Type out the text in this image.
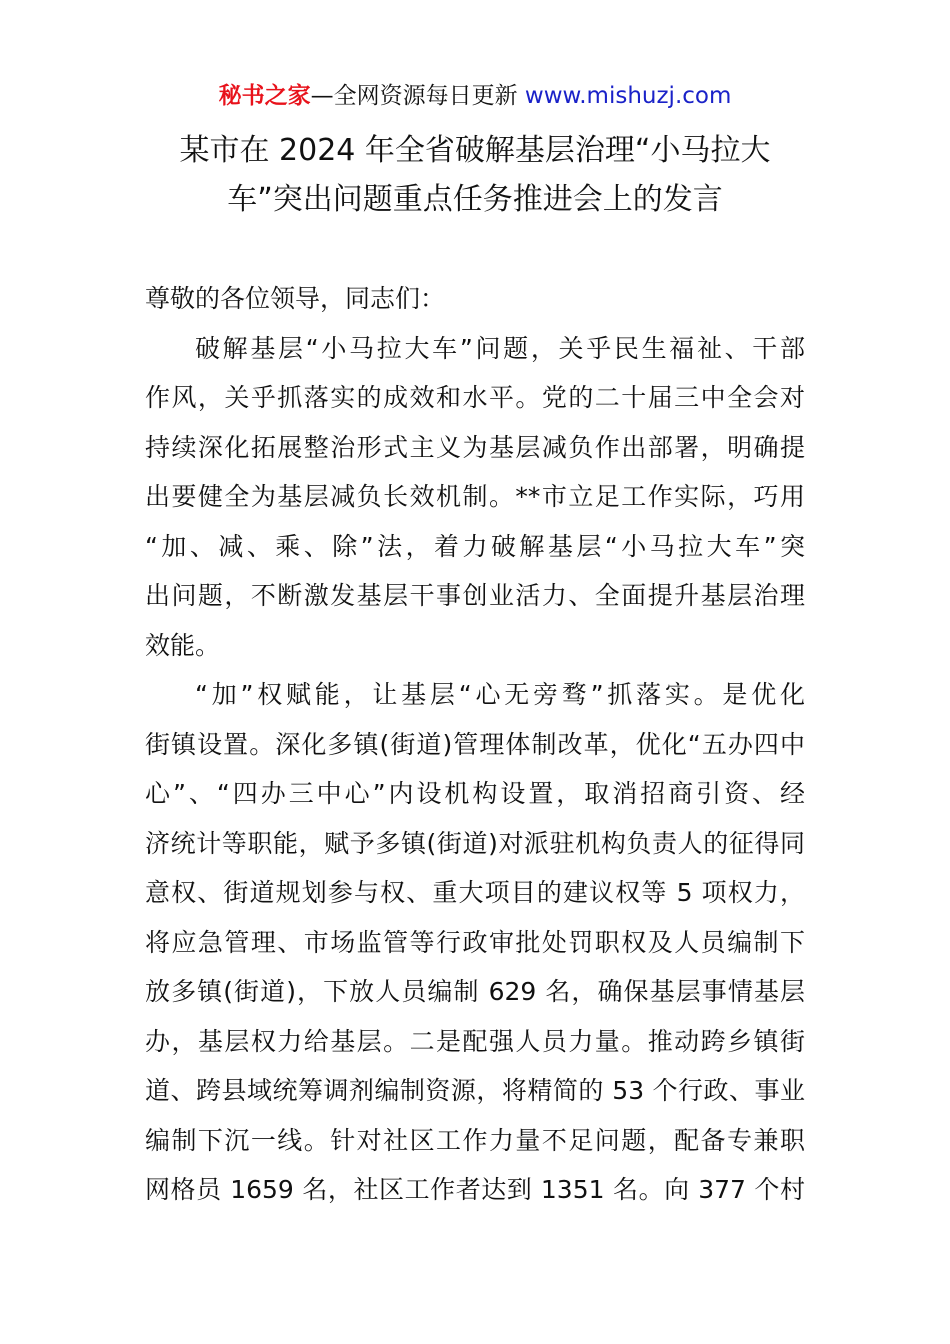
秘书之家—全网资源每日更新 www.mishuzj.com
某市在 2024 年全省破解基层治理“小马拉大
车”突出问题重点任务推进会上的发言
尊敬的各位领导，同志们：
破解基层“小马拉大车”问题，关乎民生福祉、干部
作风，关乎抓落实的成效和水平。党的二十届三中全会对
持续深化拓展整治形式主义为基层减负作出部署，明确提
出要健全为基层减负长效机制。**市立足工作实际，巧用
“加、减、乘、除”法，着力破解基层“小马拉大车”突
出问题，不断激发基层干事创业活力、全面提升基层治理
效能。
“加”权赋能，让基层“心无旁骛”抓落实。是优化
街镇设置。深化多镇(街道)管理体制改革，优化“五办四中
心”、“四办三中心”内设机构设置，取消招商引资、经
济统计等职能，赋予多镇(街道)对派驻机构负责人的征得同
意权、街道规划参与权、重大项目的建议权等 5 项权力，
将应急管理、市场监管等行政审批处罚职权及人员编制下
放多镇(街道)，下放人员编制 629 名，确保基层事情基层
办，基层权力给基层。二是配强人员力量。推动跨乡镇街
道、跨县域统筹调剂编制资源，将精简的 53 个行政、事业
编制下沉一线。针对社区工作力量不足问题，配备专兼职
网格员 1659 名，社区工作者达到 1351 名。向 377 个村
